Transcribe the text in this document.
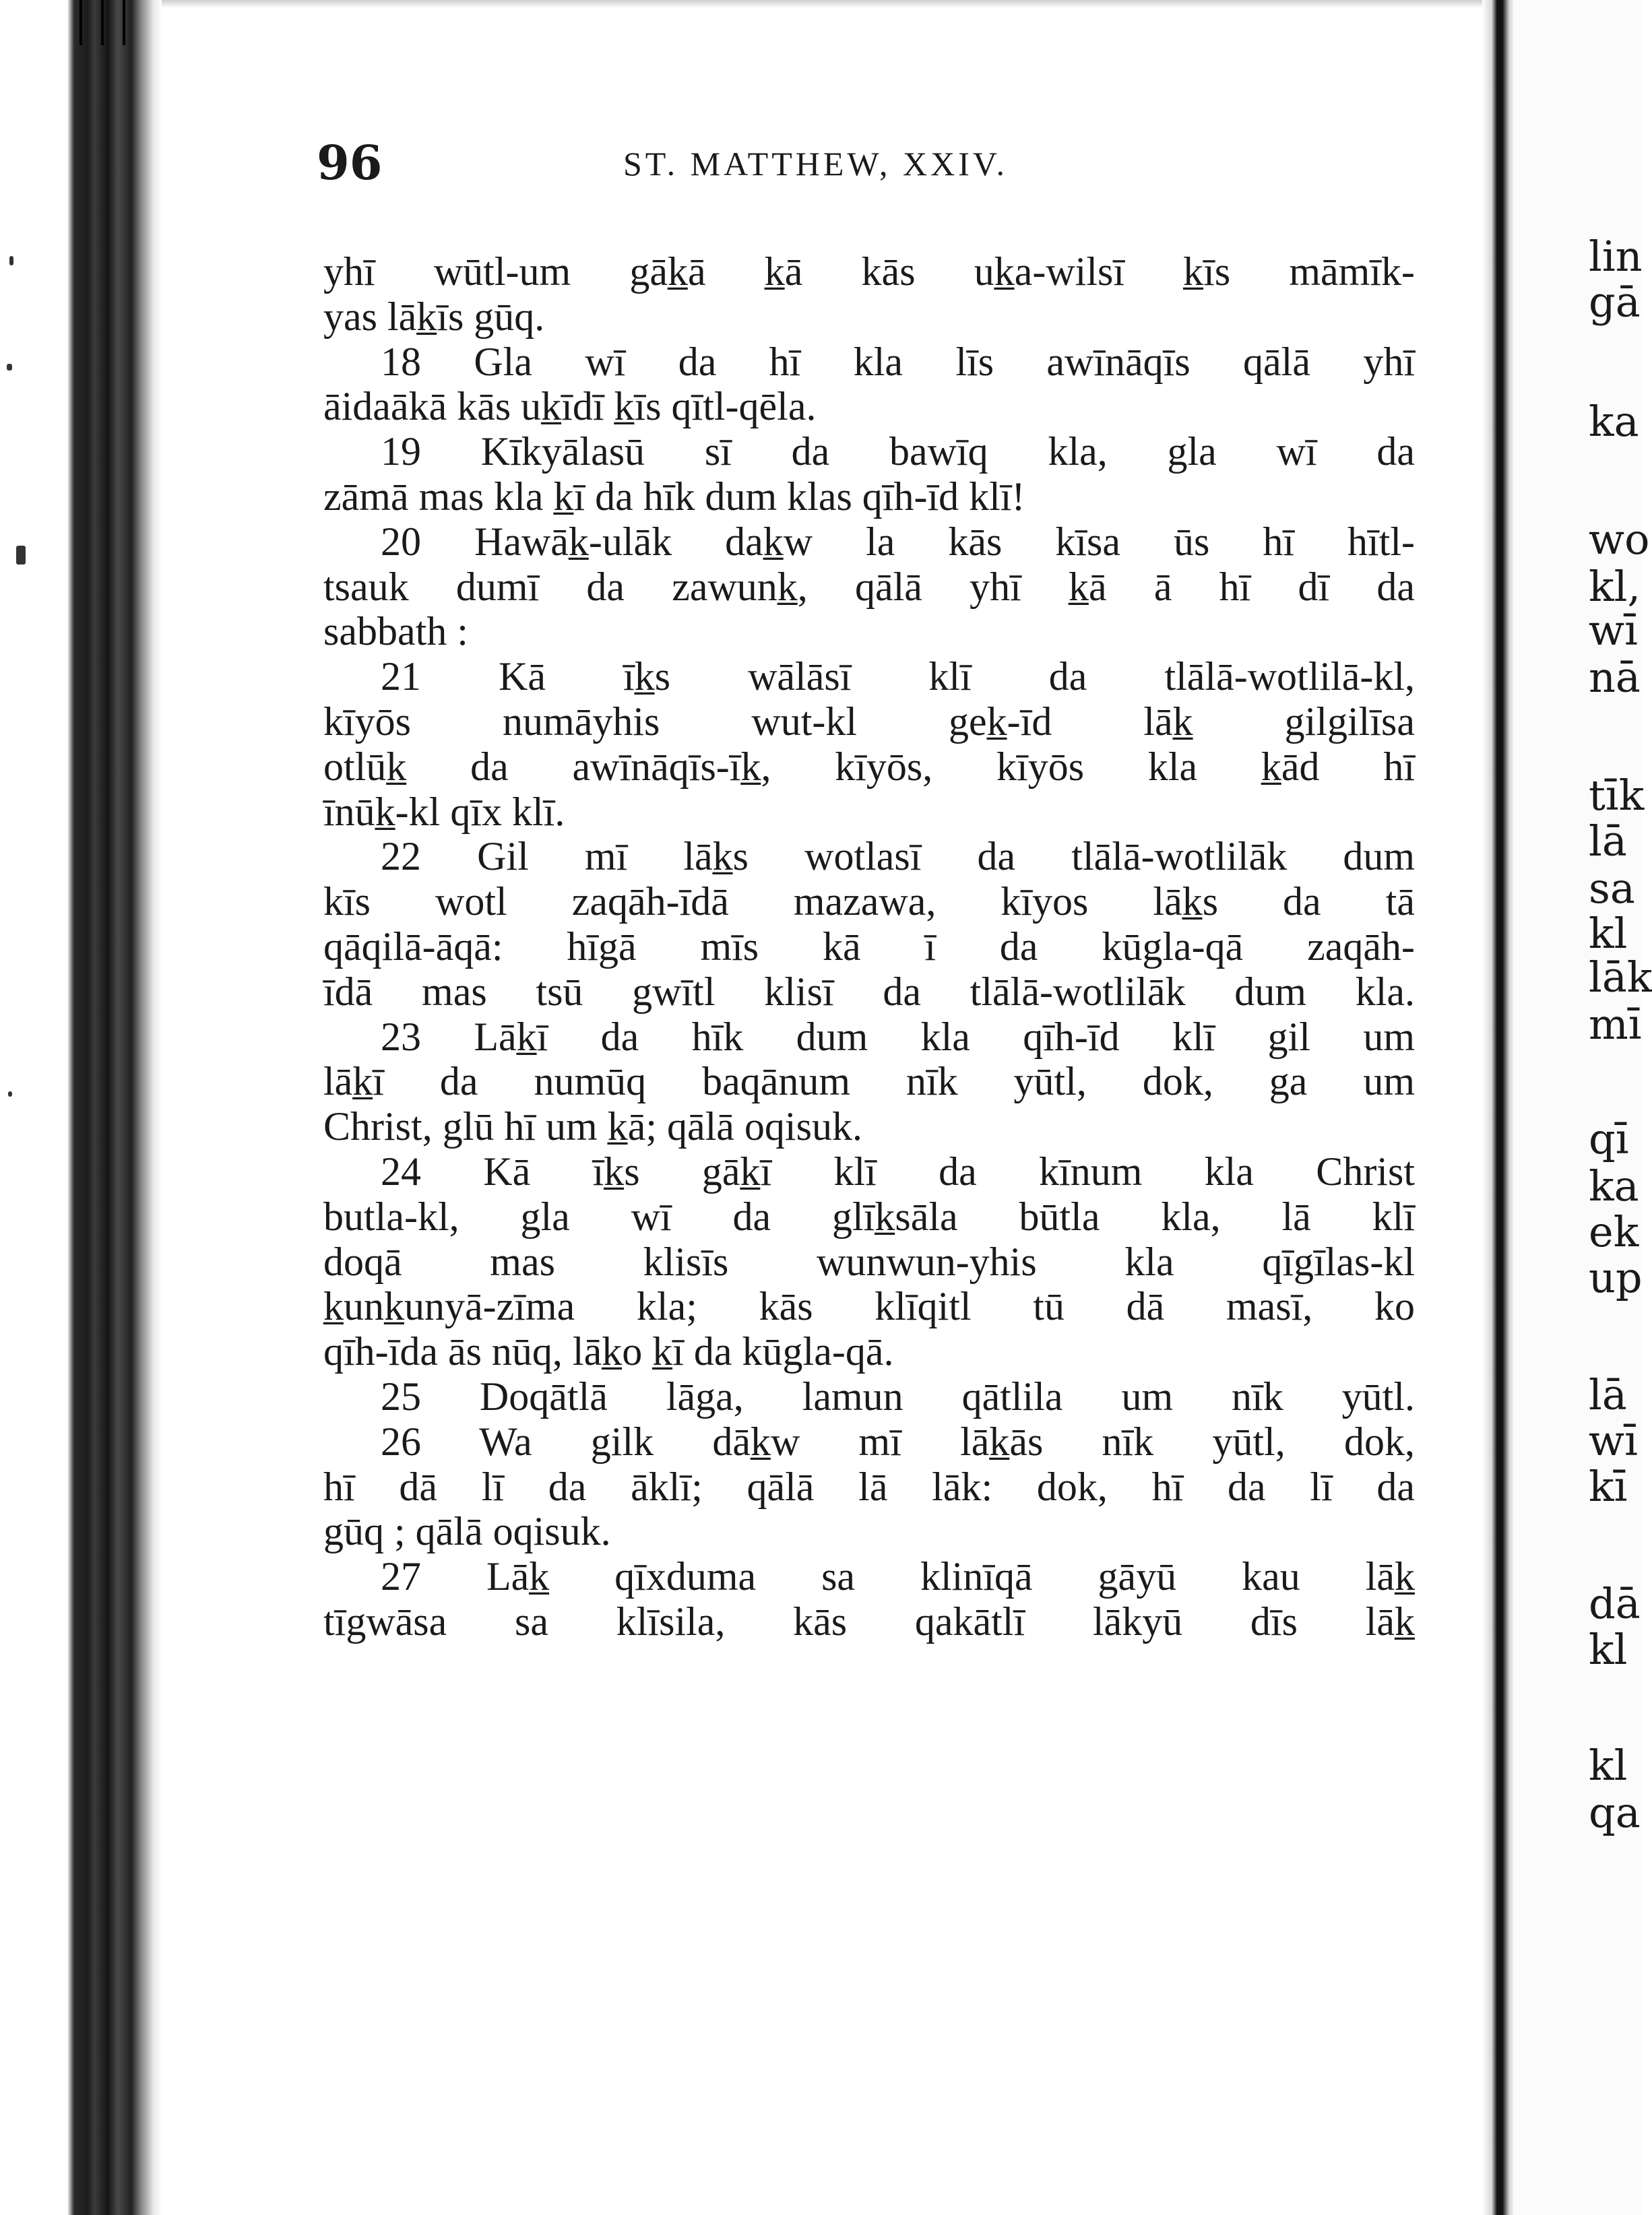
96	ST. MATTHEW, XXIV.
yhī wūtl-um gāk̲ā k̲ā kās uk̲a-wilsī k̲īs māmīk-
yas lāk̲īs gūq.
18 Gla wī da hī kla līs awīnāqīs qālā yhī
āidaākā kās uk̲īdī k̲īs qītl-qēla.
19 Kīkyālasū sī da bawīq kla, gla wī da
zāmā mas kla k̲ī da hīk dum klas qīh-īd klī!
20 Hawāk̲-ulāk dak̲w la kās kīsa ūs hī hītl-
tsauk dumī da zawunk̲, qālā yhī k̲ā ā hī dī da
sabbath :
21 Kā īk̲s wālāsī klī da tlālā-wotlilā-kl,
kīyōs numāyhis wut-kl gek̲-īd lāk̲ gilgilīsa
otlūk̲ da awīnāqīs-īk̲, kīyōs, kīyōs kla k̲ād hī
īnūk̲-kl qīx klī.
22 Gil mī lāk̲s wotlasī da tlālā-wotlilāk dum
kīs wotl zaqāh-īdā mazawa, kīyos lāk̲s da tā
qāqilā-āqā: hīgā mīs kā ī da kūgla-qā zaqāh-
īdā mas tsū gwītl klisī da tlālā-wotlilāk dum kla.
23 Lāk̲ī da hīk dum kla qīh-īd klī gil um
lāk̲ī da numūq baqānum nīk yūtl, dok, ga um
Christ, glū hī um k̲ā; qālā oqisuk.
24 Kā īk̲s gāk̲ī klī da kīnum kla Christ
butla-kl, gla wī da glīk̲sāla būtla kla, lā klī
doqā mas klisīs wunwun-yhis kla qīgīlas-kl
k̲unk̲unyā-zīma kla; kās klīqitl tū dā masī, ko
qīh-īda ās nūq, lāk̲o k̲ī da kūgla-qā.
25 Doqātlā lāga, lamun qātlila um nīk yūtl.
26 Wa gilk dāk̲w mī lāk̲ās nīk yūtl, dok,
hī dā lī da āklī; qālā lā lāk: dok, hī da lī da
gūq ; qālā oqisuk.
27 Lāk̲ qīxduma sa klinīqā gāyū kau lāk̲
tīgwāsa sa klīsila, kās qakātlī lākyū dīs lāk̲
lin
gā
ka
wo
kl,
wī
nā
tīk
lā
sa
kl
lāk
mī
qī
ka
ek
up
lā
wī
kī
dā
kl
kl
qa
